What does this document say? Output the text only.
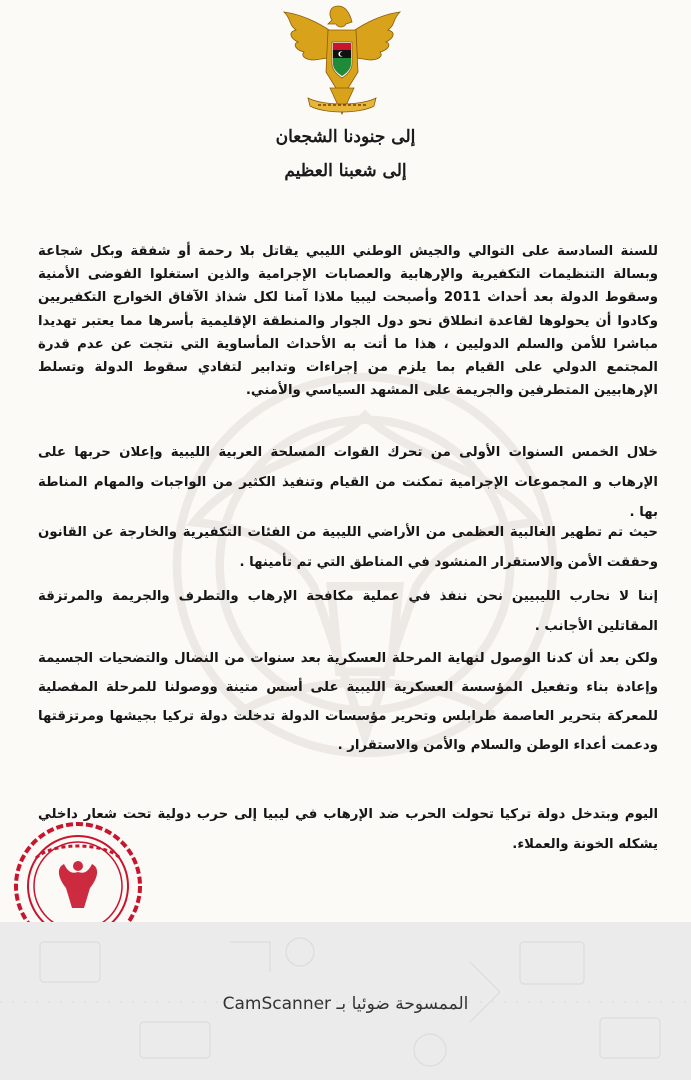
إلى جنودنا الشجعان
إلى شعبنا العظيم

للسنة السادسة على التوالي والجيش الوطني الليبي يقاتل بلا رحمة أو شفقة وبكل شجاعة وبسالة التنظيمات التكفيرية والإرهابية والعصابات الإجرامية والذين استغلوا الفوضى الأمنية وسقوط الدولة بعد أحداث 2011 وأصبحت ليبيا ملاذا آمنا لكل شذاذ الآفاق الخوارج التكفيريين وكادوا أن يحولوها لقاعدة انطلاق نحو دول الجوار والمنطقة الإقليمية بأسرها مما يعتبر تهديدا مباشرا للأمن والسلم الدوليين ، هذا ما أتت به الأحداث المأساوية التي نتجت عن عدم قدرة المجتمع الدولي على القيام بما يلزم من إجراءات وتدابير لتفادي سقوط الدولة وتسلط الإرهابيين المتطرفين والجريمة على المشهد السياسي والأمني.

خلال الخمس السنوات الأولى من تحرك القوات المسلحة العربية الليبية وإعلان حربها على الإرهاب و المجموعات الإجرامية تمكنت من القيام وتنفيذ الكثير من الواجبات والمهام المناطة بها .

حيث تم تطهير الغالبية العظمى من الأراضي الليبية من الفئات التكفيرية والخارجة عن القانون وحققت الأمن والاستقرار المنشود في المناطق التي تم تأمينها .

إننا لا نحارب الليبيين نحن ننفذ في عملية مكافحة الإرهاب والتطرف والجريمة والمرتزقة المقاتلين الأجانب .

ولكن بعد أن كدنا الوصول لنهاية المرحلة العسكرية بعد سنوات من النضال والتضحيات الجسيمة وإعادة بناء وتفعيل المؤسسة العسكرية الليبية على أسس متينة ووصولنا للمرحلة المفصلية للمعركة بتحرير العاصمة طرابلس وتحرير مؤسسات الدولة تدخلت دولة تركيا بجيشها ومرتزقتها ودعمت أعداء الوطن والسلام والأمن والاستقرار .

اليوم وبتدخل دولة تركيا تحولت الحرب ضد الإرهاب في ليبيا إلى حرب دولية تحت شعار داخلي يشكله الخونة والعملاء.

الممسوحة ضوئيا بـ CamScanner
